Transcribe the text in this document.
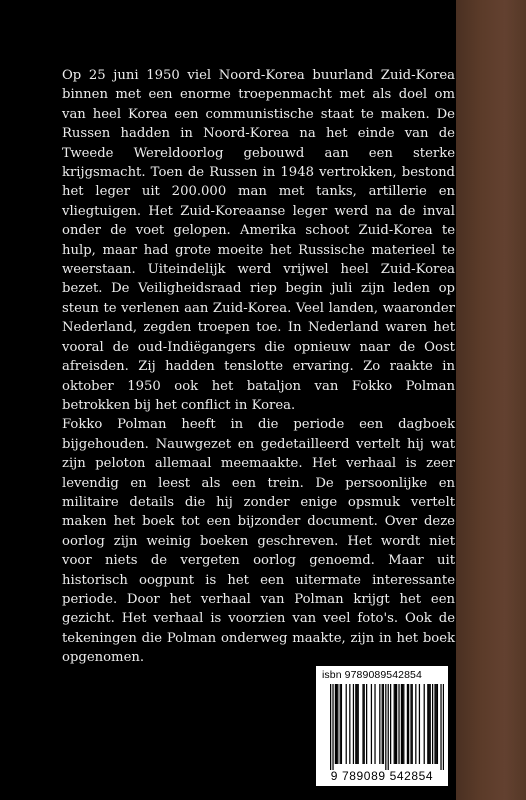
Op 25 juni 1950 viel Noord-Korea buurland Zuid-Korea binnen met een enorme troepenmacht met als doel om van heel Korea een communistische staat te maken. De Russen hadden in Noord-Korea na het einde van de Tweede Wereldoorlog gebouwd aan een sterke krijgsmacht. Toen de Russen in 1948 vertrokken, bestond het leger uit 200.000 man met tanks, artillerie en vliegtuigen. Het Zuid-Koreaanse leger werd na de inval onder de voet gelopen. Amerika schoot Zuid-Korea te hulp, maar had grote moeite het Russische materieel te weerstaan. Uiteindelijk werd vrijwel heel Zuid-Korea bezet. De Veiligheidsraad riep begin juli zijn leden op steun te verlenen aan Zuid-Korea. Veel landen, waaronder Nederland, zegden troepen toe. In Nederland waren het vooral de oud-Indiëgangers die opnieuw naar de Oost afreisden. Zij hadden tenslotte ervaring. Zo raakte in oktober 1950 ook het bataljon van Fokko Polman betrokken bij het conflict in Korea.

Fokko Polman heeft in die periode een dagboek bijgehouden. Nauwgezet en gedetailleerd vertelt hij wat zijn peloton allemaal meemaakte. Het verhaal is zeer levendig en leest als een trein. De persoonlijke en militaire details die hij zonder enige opsmuk vertelt maken het boek tot een bijzonder document. Over deze oorlog zijn weinig boeken geschreven. Het wordt niet voor niets de vergeten oorlog genoemd. Maar uit historisch oogpunt is het een uitermate interessante periode. Door het verhaal van Polman krijgt het een gezicht. Het verhaal is voorzien van veel foto's. Ook de tekeningen die Polman onderweg maakte, zijn in het boek opgenomen.

isbn 9789089542854
9 789089 542854
